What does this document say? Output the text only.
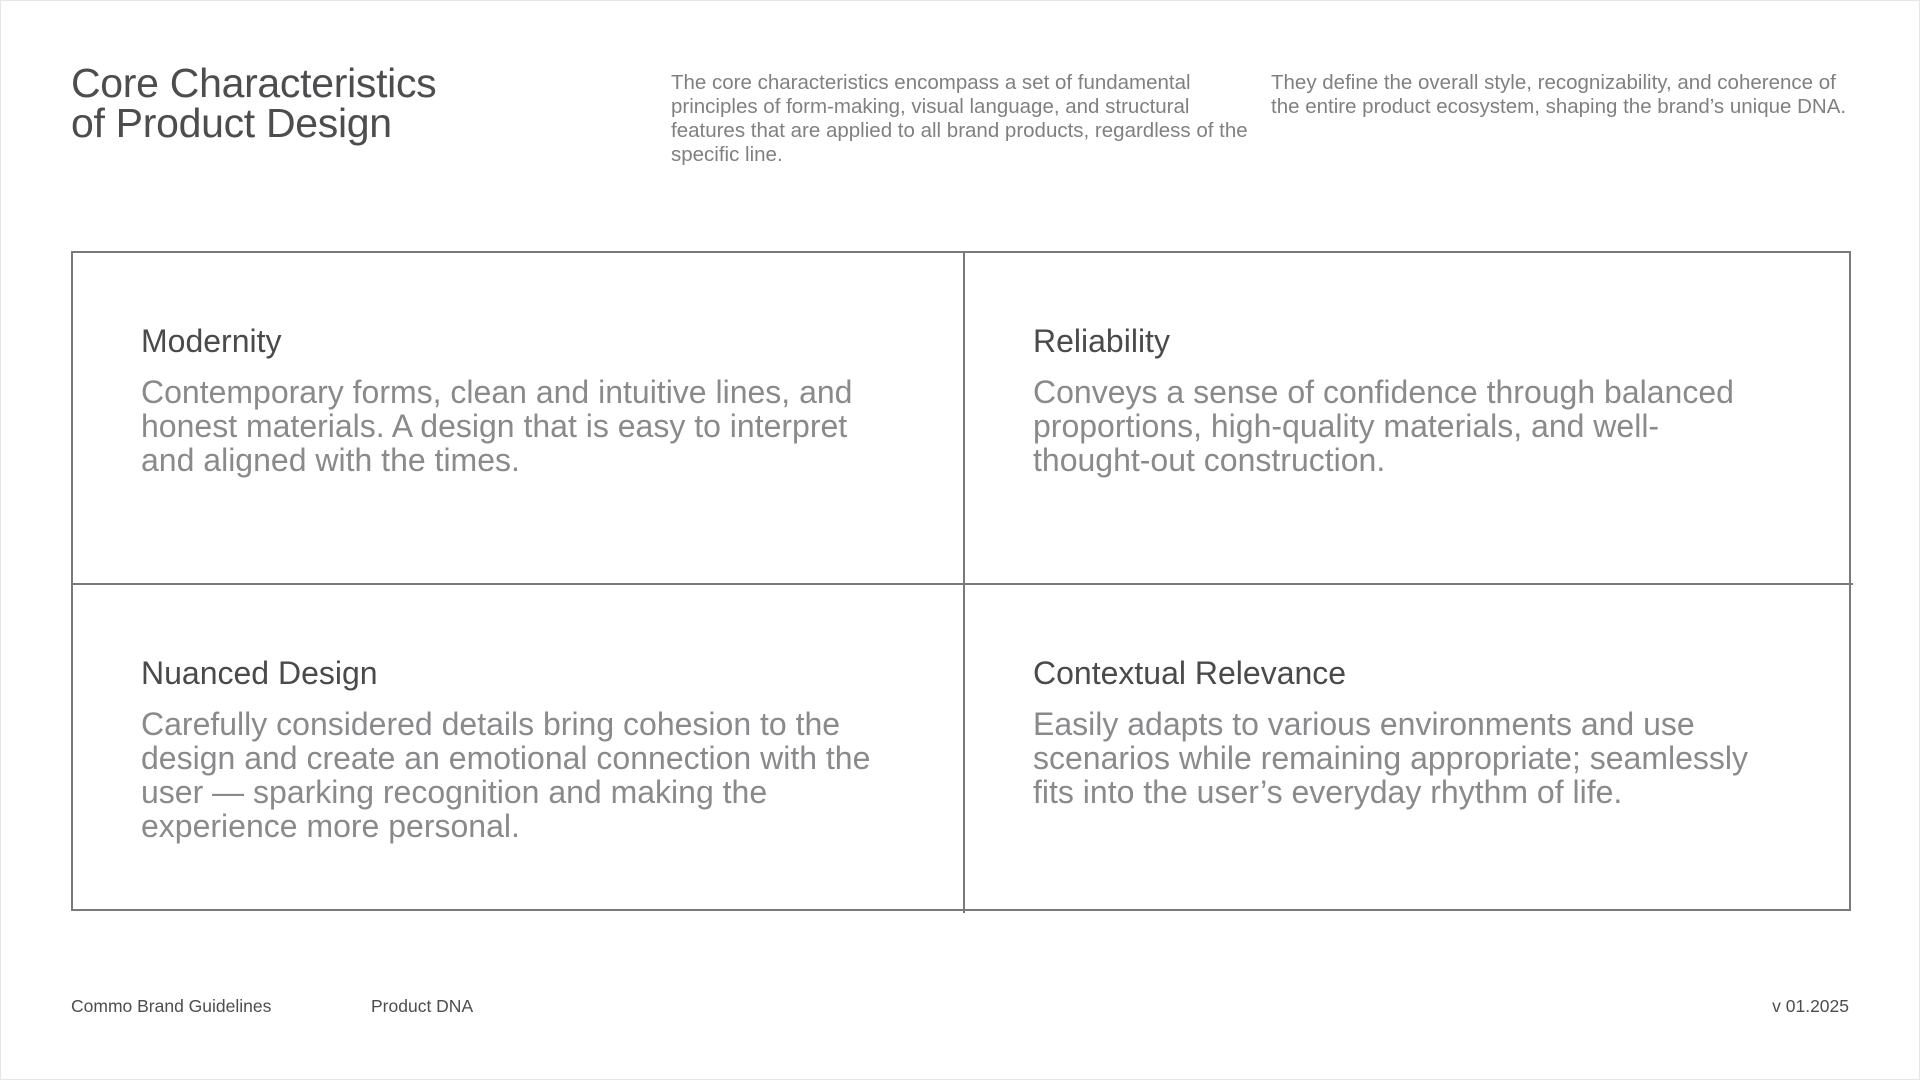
Core Characteristics
of Product Design

The core characteristics encompass a set of fundamental principles of form-making, visual language, and structural features that are applied to all brand products, regardless of the specific line.

They define the overall style, recognizability, and coherence of the entire product ecosystem, shaping the brand’s unique DNA.

Modernity
Contemporary forms, clean and intuitive lines, and honest materials. A design that is easy to interpret and aligned with the times.
Reliability
Conveys a sense of confidence through balanced proportions, high-quality materials, and well-thought-out construction.
Nuanced Design
Carefully considered details bring cohesion to the design and create an emotional connection with the user — sparking recognition and making the experience more personal.
Contextual Relevance
Easily adapts to various environments and use scenarios while remaining appropriate; seamlessly fits into the user’s everyday rhythm of life.
Commo Brand Guidelines	Product DNA	v 01.2025
